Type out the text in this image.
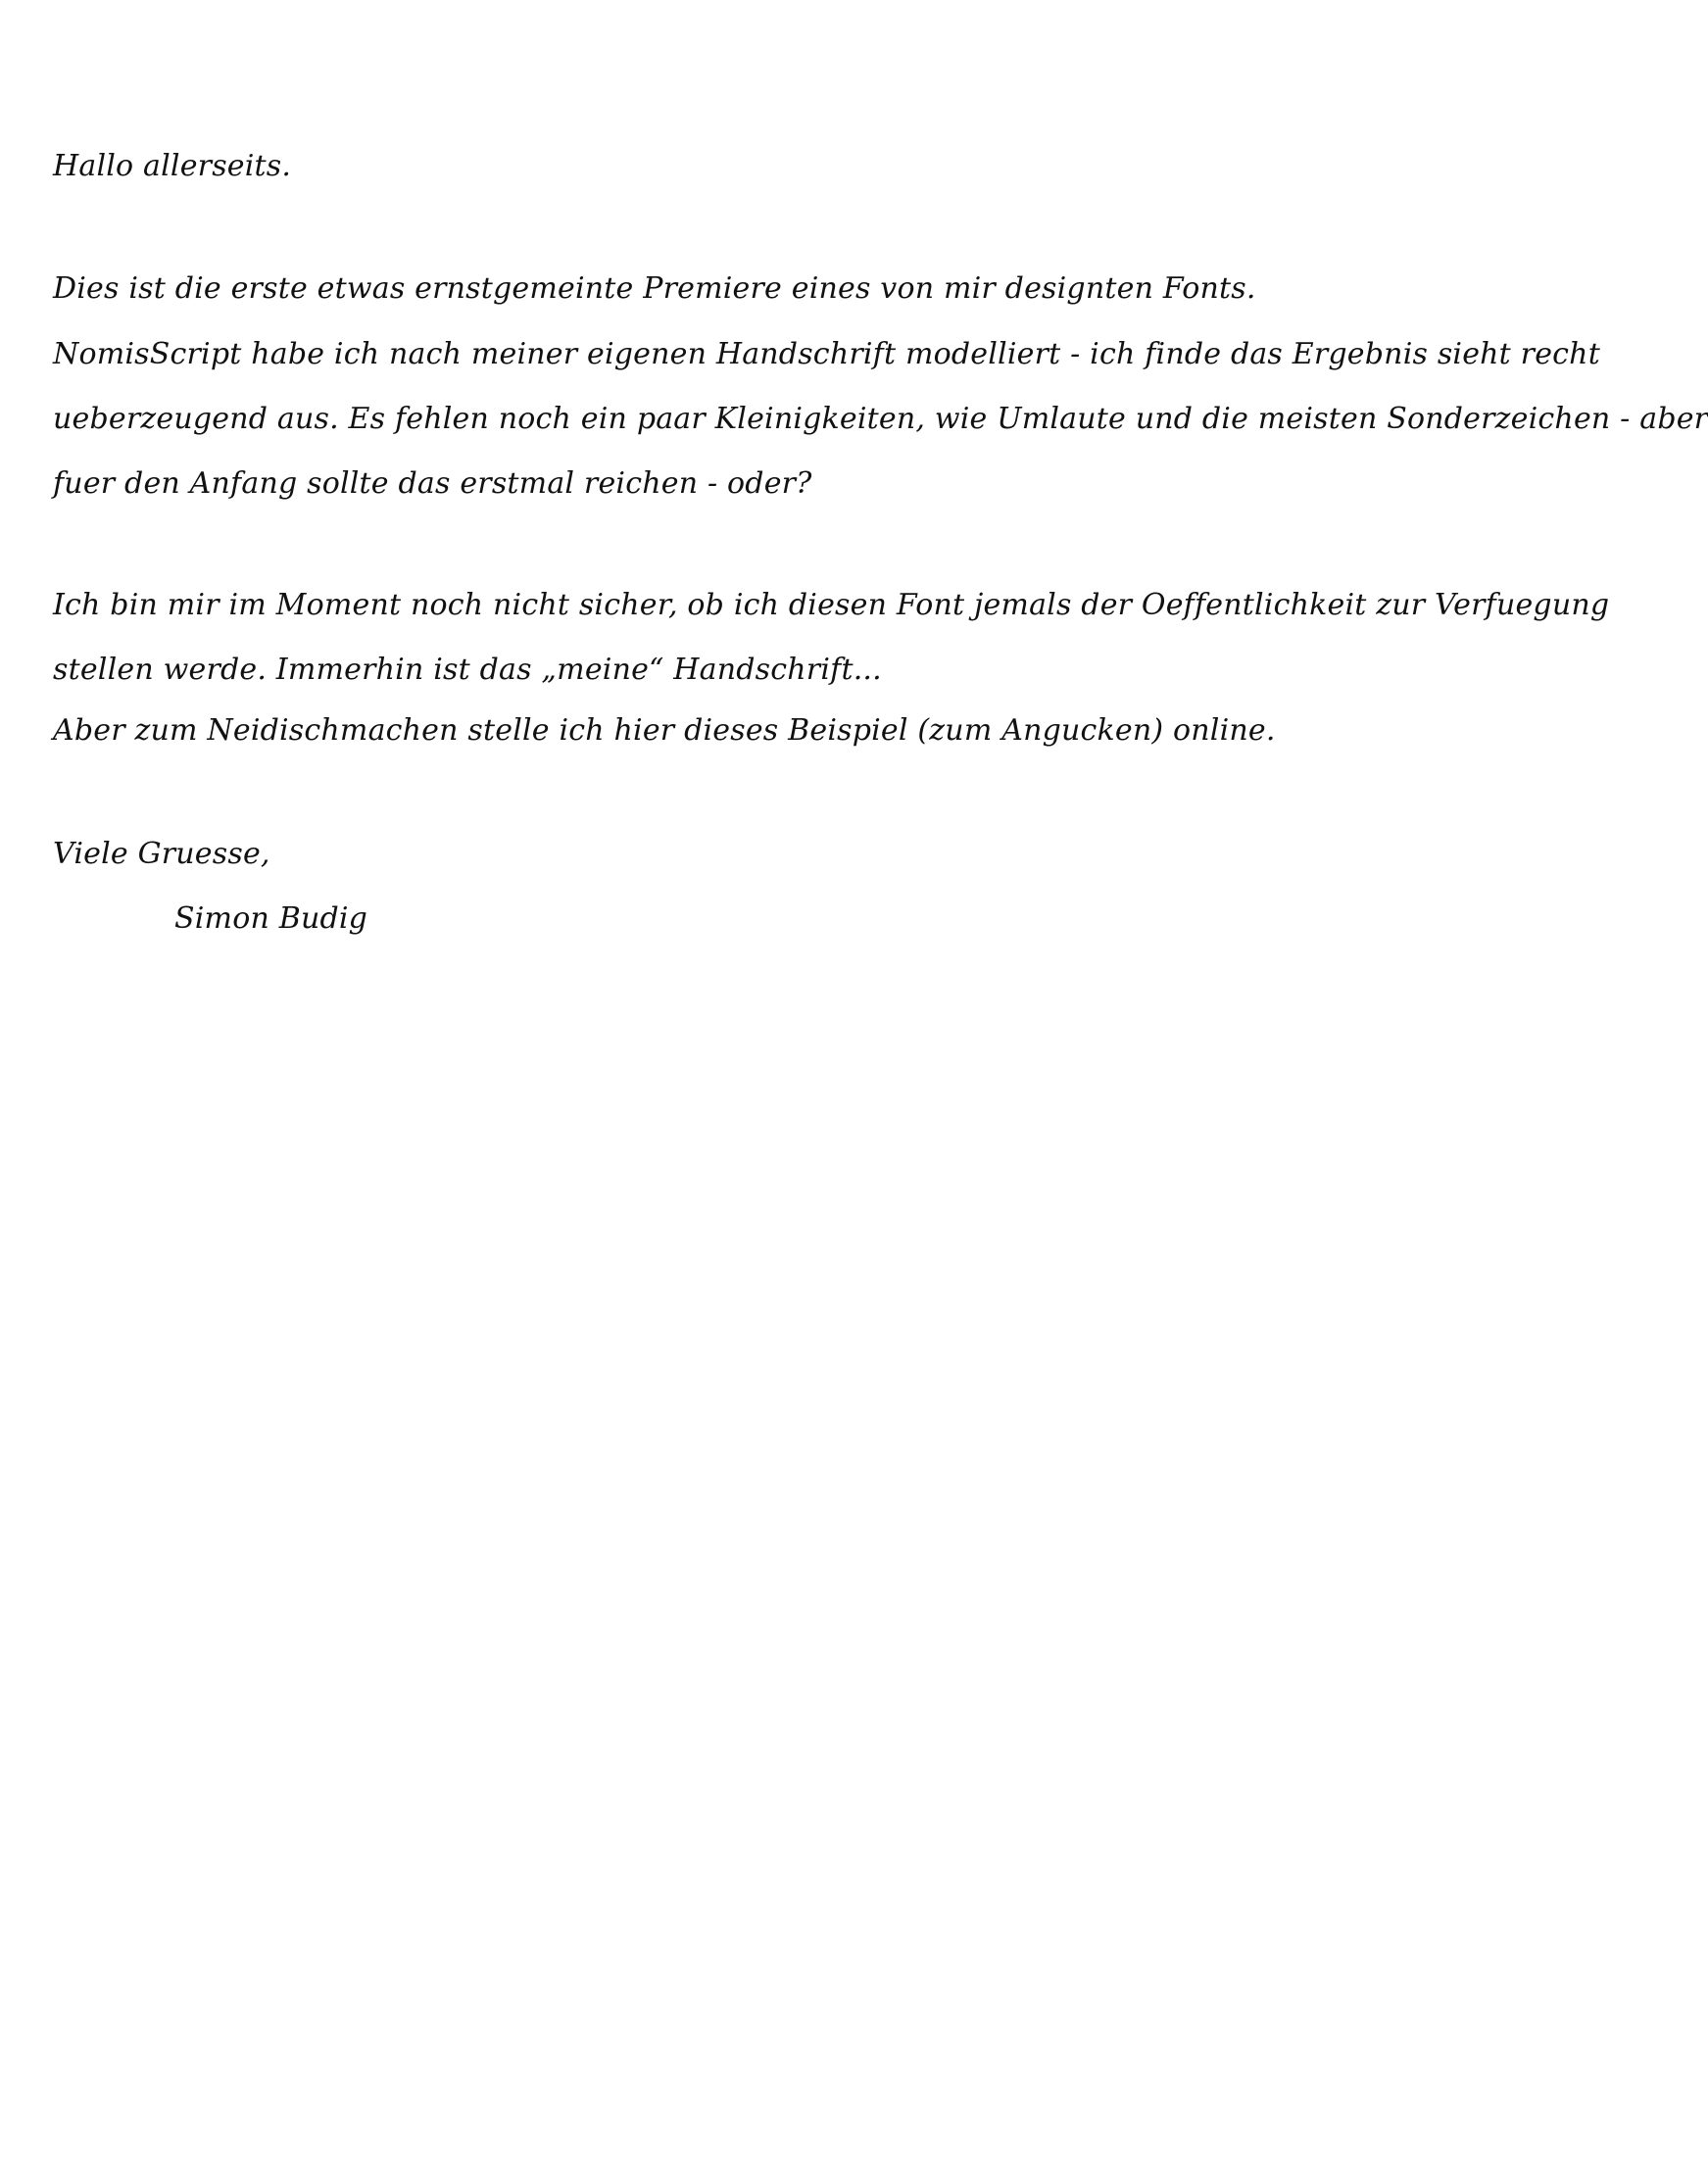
Hallo allerseits.

Dies ist die erste etwas ernstgemeinte Premiere eines von mir designten Fonts.

NomisScript habe ich nach meiner eigenen Handschrift modelliert - ich finde das Ergebnis sieht recht

ueberzeugend aus. Es fehlen noch ein paar Kleinigkeiten, wie Umlaute und die meisten Sonderzeichen - aber

fuer den Anfang sollte das erstmal reichen - oder?

Ich bin mir im Moment noch nicht sicher, ob ich diesen Font jemals der Oeffentlichkeit zur Verfuegung

stellen werde. Immerhin ist das „meine“ Handschrift...

Aber zum Neidischmachen stelle ich hier dieses Beispiel (zum Angucken) online.

Viele Gruesse,

Simon Budig
